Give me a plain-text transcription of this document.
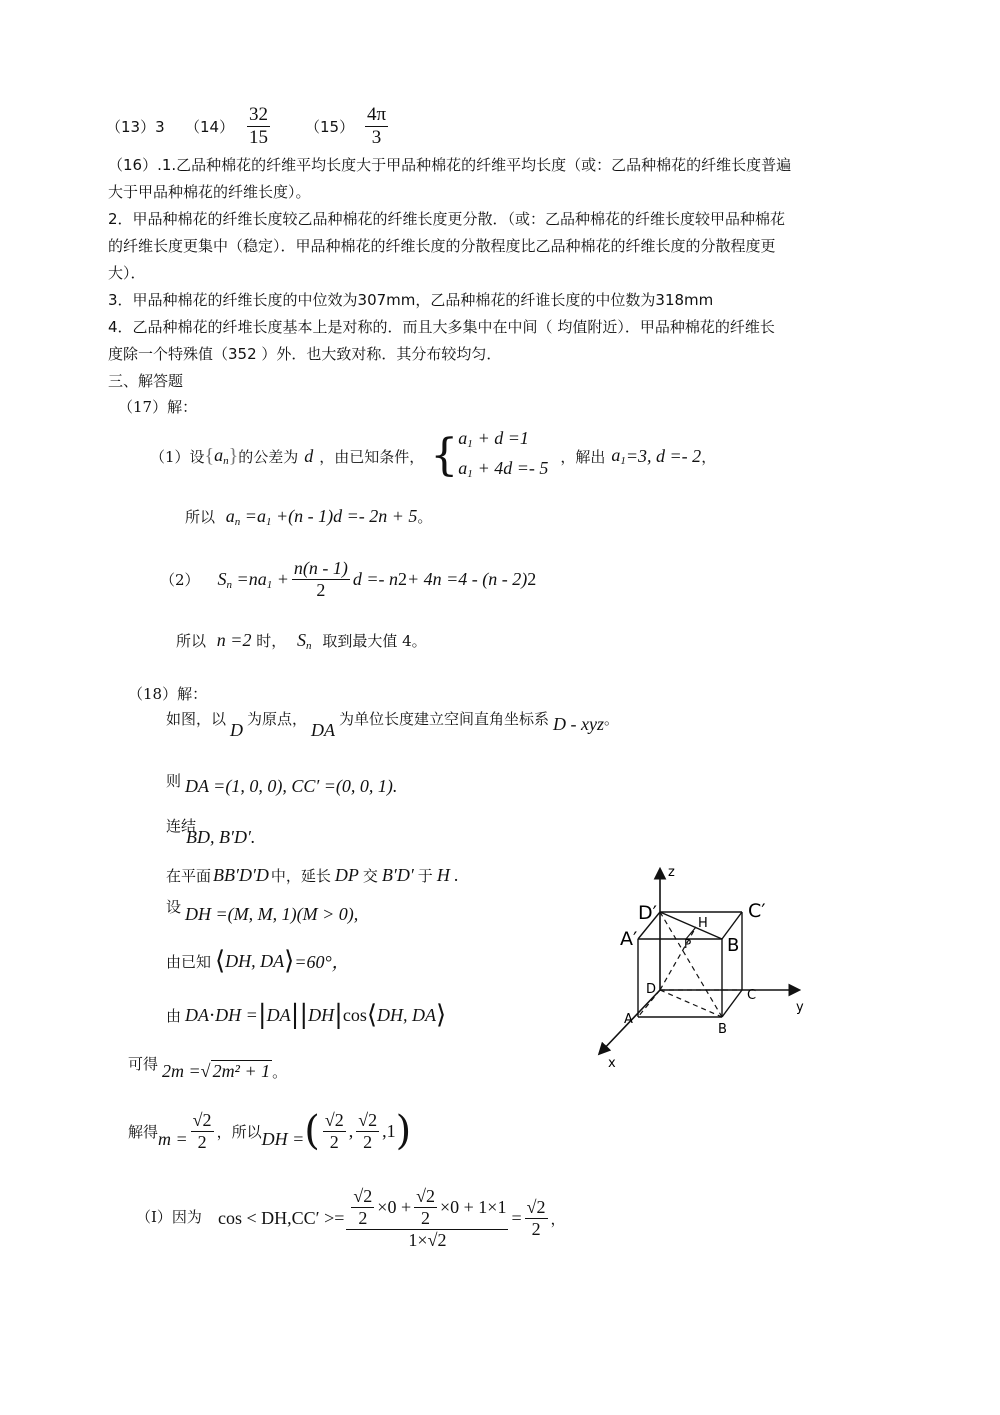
（13）3 $(14) \frac{32}{15} (15) \frac{4\pi}{3}$
（16）.1.乙品种棉花的纤维平均长度大于甲品种棉花的纤维平均长度（或：乙品种棉花的纤维长度普遍
大于甲品种棉花的纤维长度）。
2．甲品种棉花的纤维长度较乙品种棉花的纤维长度更分散．（或：乙品种棉花的纤维长度较甲品种棉花
的纤维长度更集中（稳定）．甲品种棉花的纤维长度的分散程度比乙品种棉花的纤维长度的分散程度更
大）．
3．甲品种棉花的纤维长度的中位效为307mm，乙品种棉花的纤谁长度的中位数为318mm
4．乙品种棉花的纤堆长度基本上是对称的．而且大多集中在中间（ 均值附近）．甲品种棉花的纤维长
度除一个特殊值（352 ）外．也大致对称．其分布较均匀．
三、解答题
（17）解：
（1）设 { $a_n$ } 的公差为 d ，由已知条件， { $a_1 + d =1$
$a_1 + 4d =- 5$
，解出 $a_1 =3$, d =- 2 ，
所以 $a_n =a_1 +(n - 1)d =- 2n + 5$。
（2） $S_n =na_1 + \frac{n(n - 1)}{2}$ d =- n 2 + 4n =4 - (n - 2) 2
所以 n =2 时， $S_n$ 取到最大值 4。
（18）解：
如图，以D为原点，DA为单位长度建立空间直角坐标系 D - xyz。
则 DA =(1, 0, 0), CC′ =(0, 0, 1).
连结BD, B′D′.
在平面 BB′D′D 中，延长 DP 交 B′D′ 于 H .
设 DH =(M, M, 1)(M > 0),
由已知 ⟨ DH, DA ⟩ =60°，
由 DA⋅DH = | DA || DH | cos ⟨ DH, DA ⟩
可得 2m = √ 2m² + 1 。
解得 $m = \frac{√2}{2}$ ，所以 DH = ( $\frac{√2}{2}$ , $\frac{√2}{2} ,1$ )
（Ⅰ）因为 $\cos < DH,CC' >= \frac{\frac{√2}{2} \times 0 + \frac{√2}{2} \times 0 + 1\times 1}{1\times√2} = \frac{√2}{2}$ ，
z
y
x
D′	H
C′
A′	P B
D	C
A
B
